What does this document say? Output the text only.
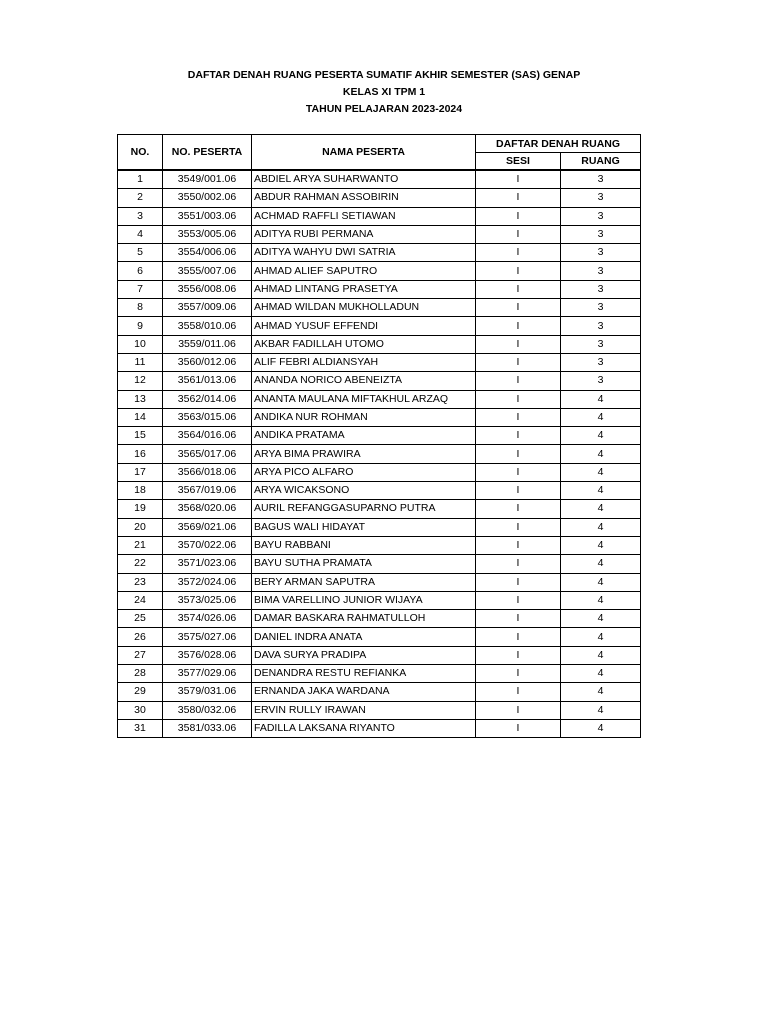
DAFTAR DENAH RUANG PESERTA SUMATIF AKHIR SEMESTER (SAS) GENAP
KELAS XI TPM 1
TAHUN PELAJARAN 2023-2024
NO.	NO. PESERTA	NAMA PESERTA	DAFTAR DENAH RUANG	
			SESI	RUANG
1	3549/001.06	ABDIEL ARYA SUHARWANTO	I	3
2	3550/002.06	ABDUR RAHMAN ASSOBIRIN	I	3
3	3551/003.06	ACHMAD RAFFLI SETIAWAN	I	3
4	3553/005.06	ADITYA RUBI PERMANA	I	3
5	3554/006.06	ADITYA WAHYU DWI SATRIA	I	3
6	3555/007.06	AHMAD ALIEF SAPUTRO	I	3
7	3556/008.06	AHMAD LINTANG PRASETYA	I	3
8	3557/009.06	AHMAD WILDAN MUKHOLLADUN	I	3
9	3558/010.06	AHMAD YUSUF EFFENDI	I	3
10	3559/011.06	AKBAR FADILLAH UTOMO	I	3
11	3560/012.06	ALIF FEBRI ALDIANSYAH	I	3
12	3561/013.06	ANANDA NORICO ABENEIZTA	I	3
13	3562/014.06	ANANTA MAULANA MIFTAKHUL ARZAQ	I	4
14	3563/015.06	ANDIKA NUR ROHMAN	I	4
15	3564/016.06	ANDIKA PRATAMA	I	4
16	3565/017.06	ARYA BIMA PRAWIRA	I	4
17	3566/018.06	ARYA PICO ALFARO	I	4
18	3567/019.06	ARYA WICAKSONO	I	4
19	3568/020.06	AURIL REFANGGASUPARNO PUTRA	I	4
20	3569/021.06	BAGUS WALI HIDAYAT	I	4
21	3570/022.06	BAYU RABBANI	I	4
22	3571/023.06	BAYU SUTHA PRAMATA	I	4
23	3572/024.06	BERY ARMAN SAPUTRA	I	4
24	3573/025.06	BIMA VARELLINO JUNIOR WIJAYA	I	4
25	3574/026.06	DAMAR BASKARA RAHMATULLOH	I	4
26	3575/027.06	DANIEL INDRA ANATA	I	4
27	3576/028.06	DAVA SURYA PRADIPA	I	4
28	3577/029.06	DENANDRA RESTU REFIANKA	I	4
29	3579/031.06	ERNANDA JAKA WARDANA	I	4
30	3580/032.06	ERVIN RULLY IRAWAN	I	4
31	3581/033.06	FADILLA LAKSANA RIYANTO	I	4
